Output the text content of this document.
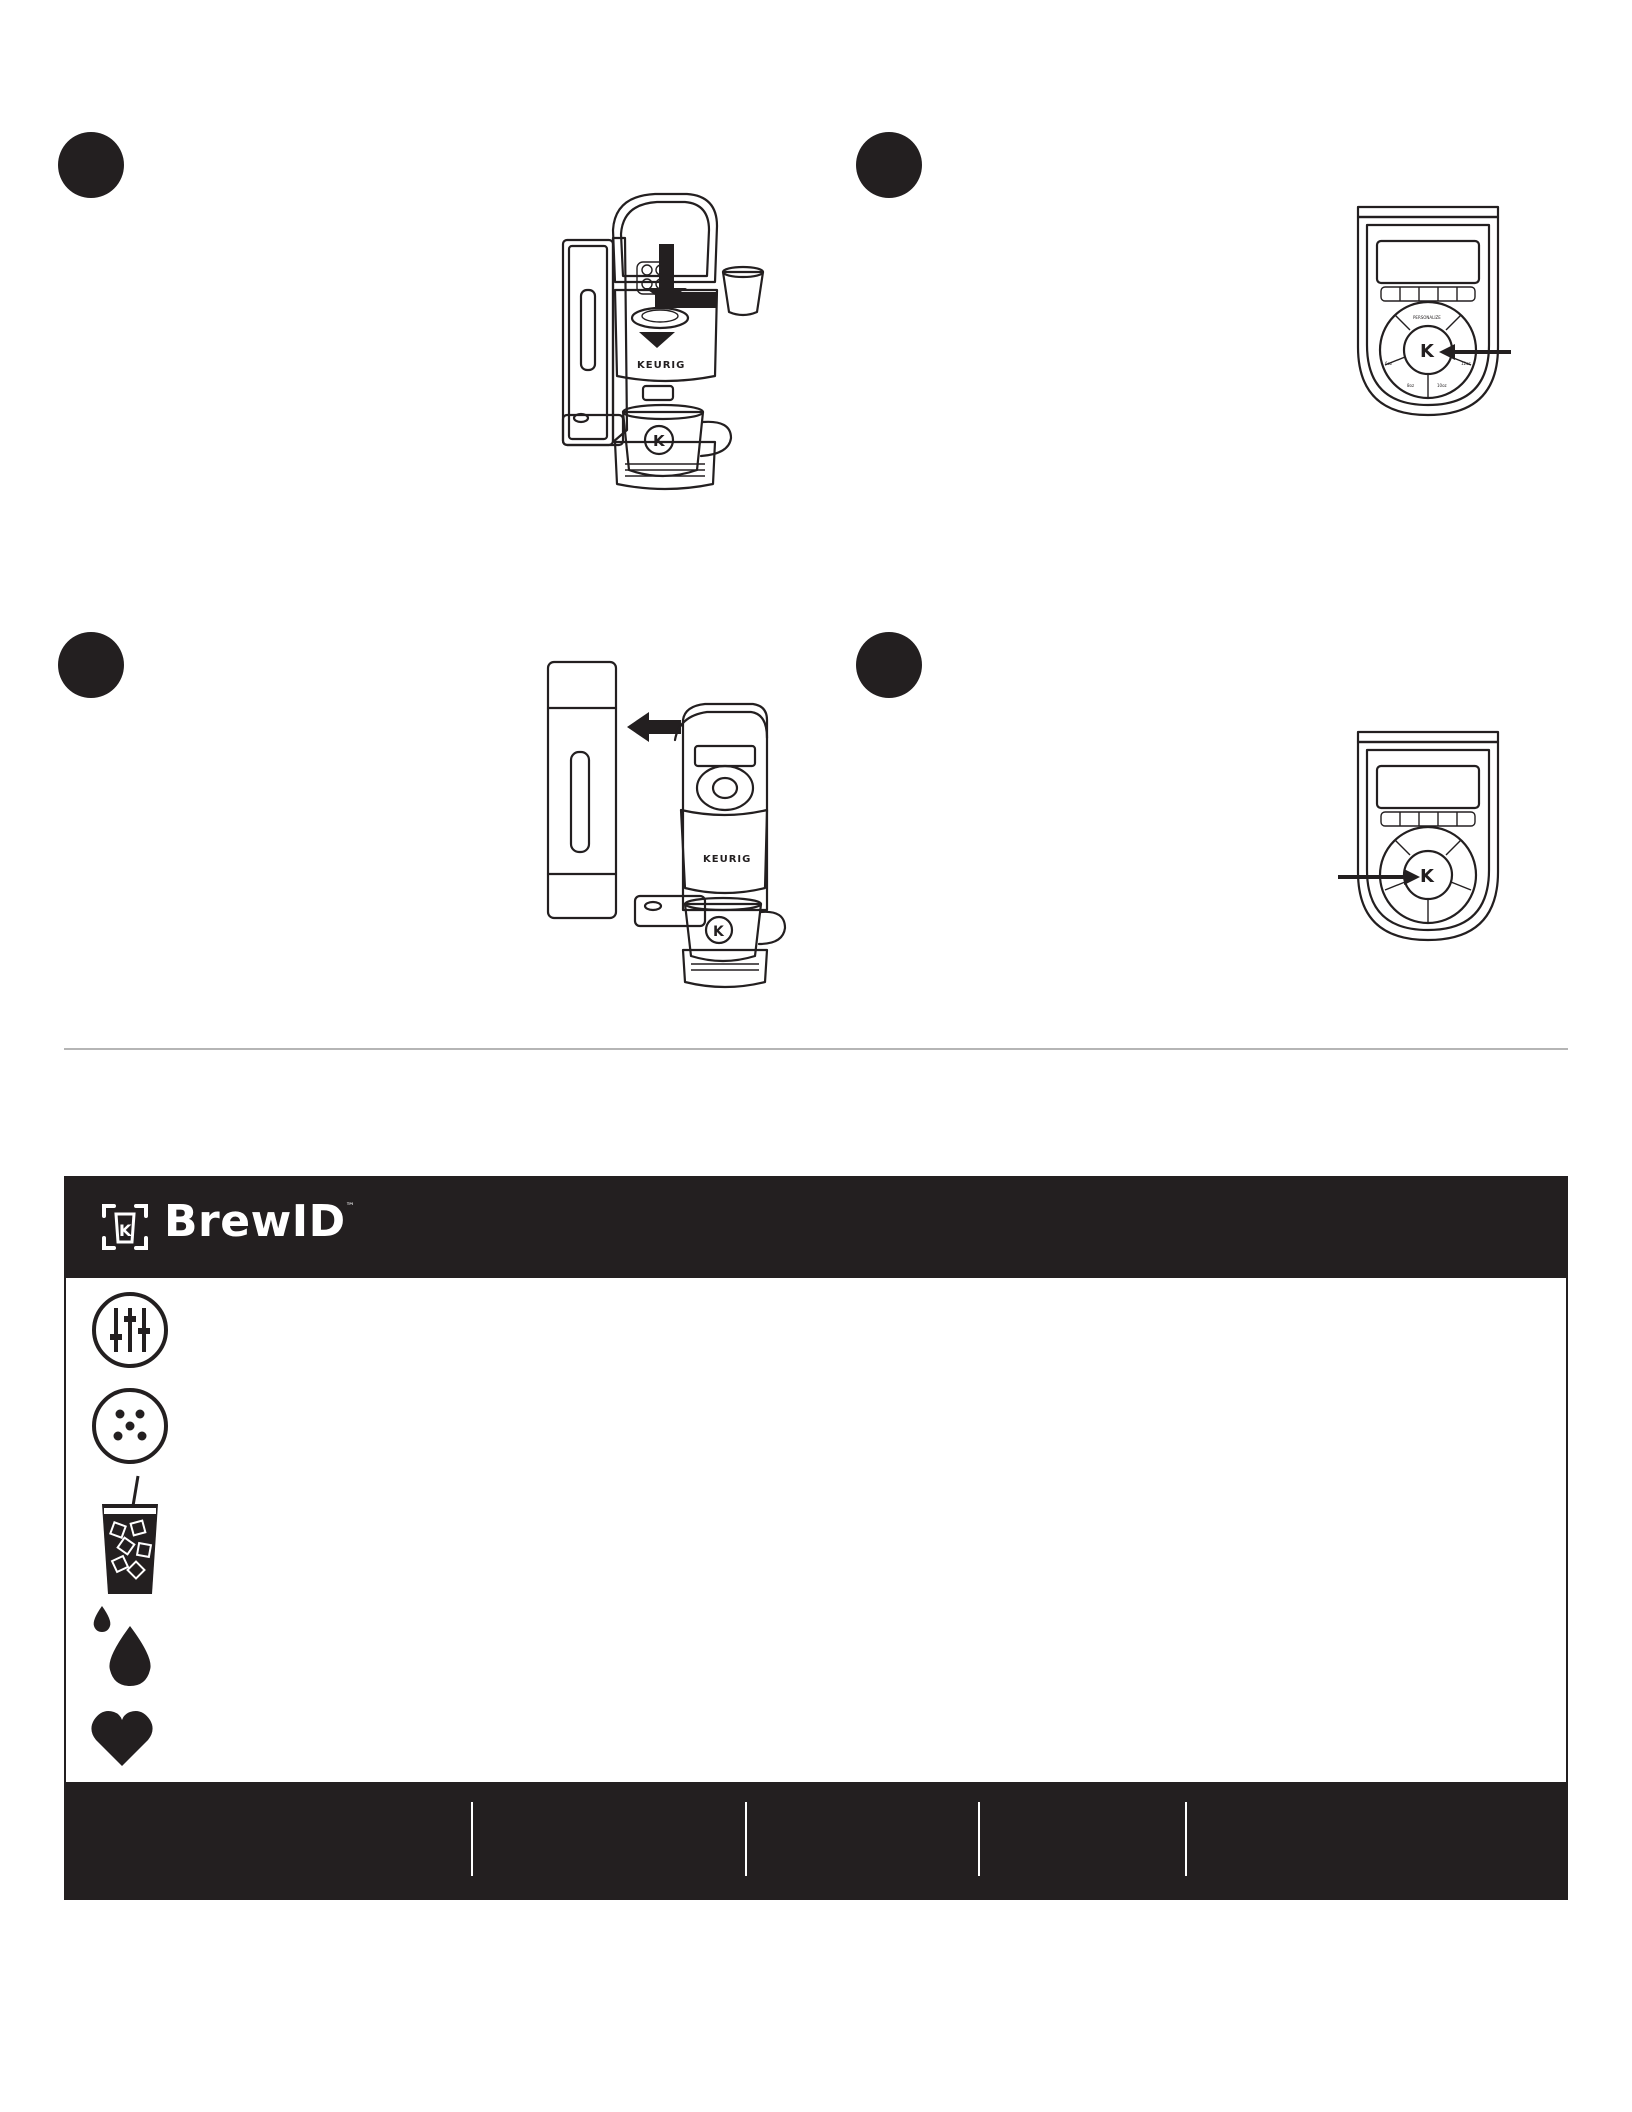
KEURIG
K
K
PERSONALIZE
6oz
8oz	10oz
12oz
KEURIG
K
K
K BrewID™
